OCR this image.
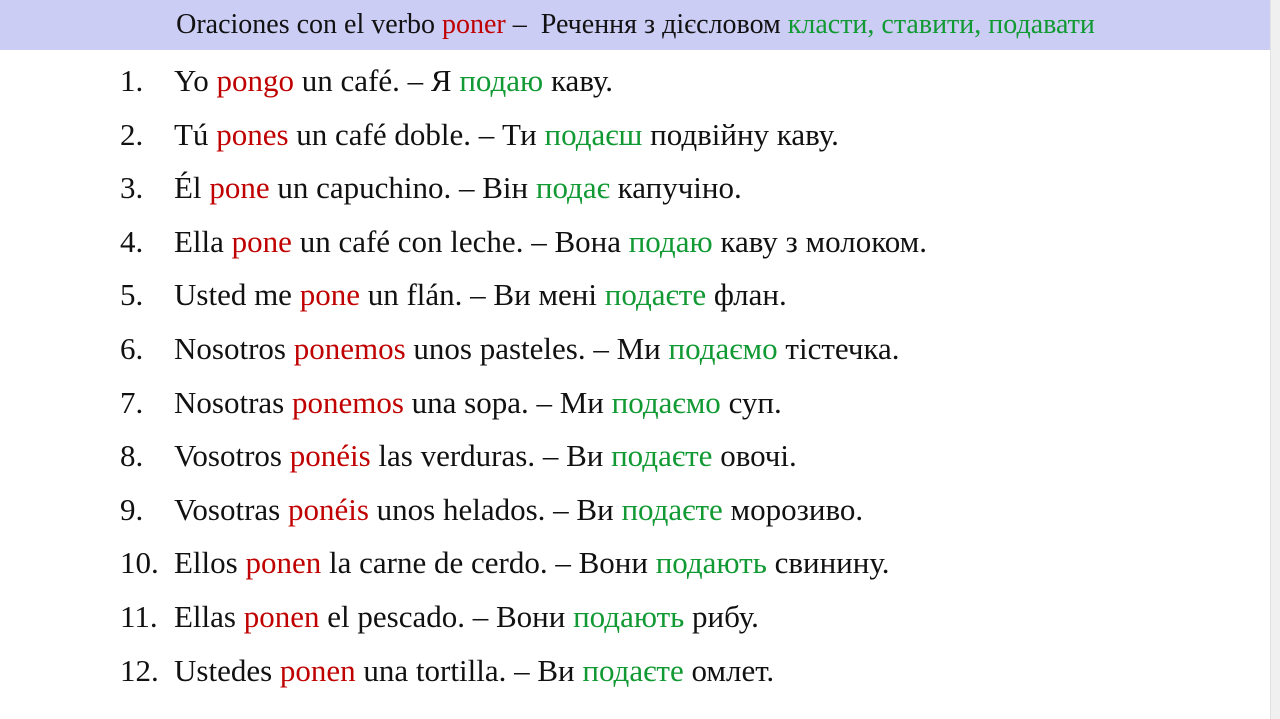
Oraciones con el verbo poner – Речення з дієсловом класти, ставити, подавати
1. Yo pongo un café. – Я подаю каву.
2. Tú pones un café doble. – Ти подаєш подвійну каву.
3. Él pone un capuchino. – Він подає капучіно.
4. Ella pone un café con leche. – Вона подаю каву з молоком.
5. Usted me pone un flán. – Ви мені подаєте флан.
6. Nosotros ponemos unos pasteles. – Ми подаємо тістечка.
7. Nosotras ponemos una sopa. – Ми подаємо суп.
8. Vosotros ponéis las verduras. – Ви подаєте овочі.
9. Vosotras ponéis unos helados. – Ви подаєте морозиво.
10. Ellos ponen la carne de cerdo. – Вони подають свинину.
11. Ellas ponen el pescado. – Вони подають рибу.
12. Ustedes ponen una tortilla. – Ви подаєте омлет.
